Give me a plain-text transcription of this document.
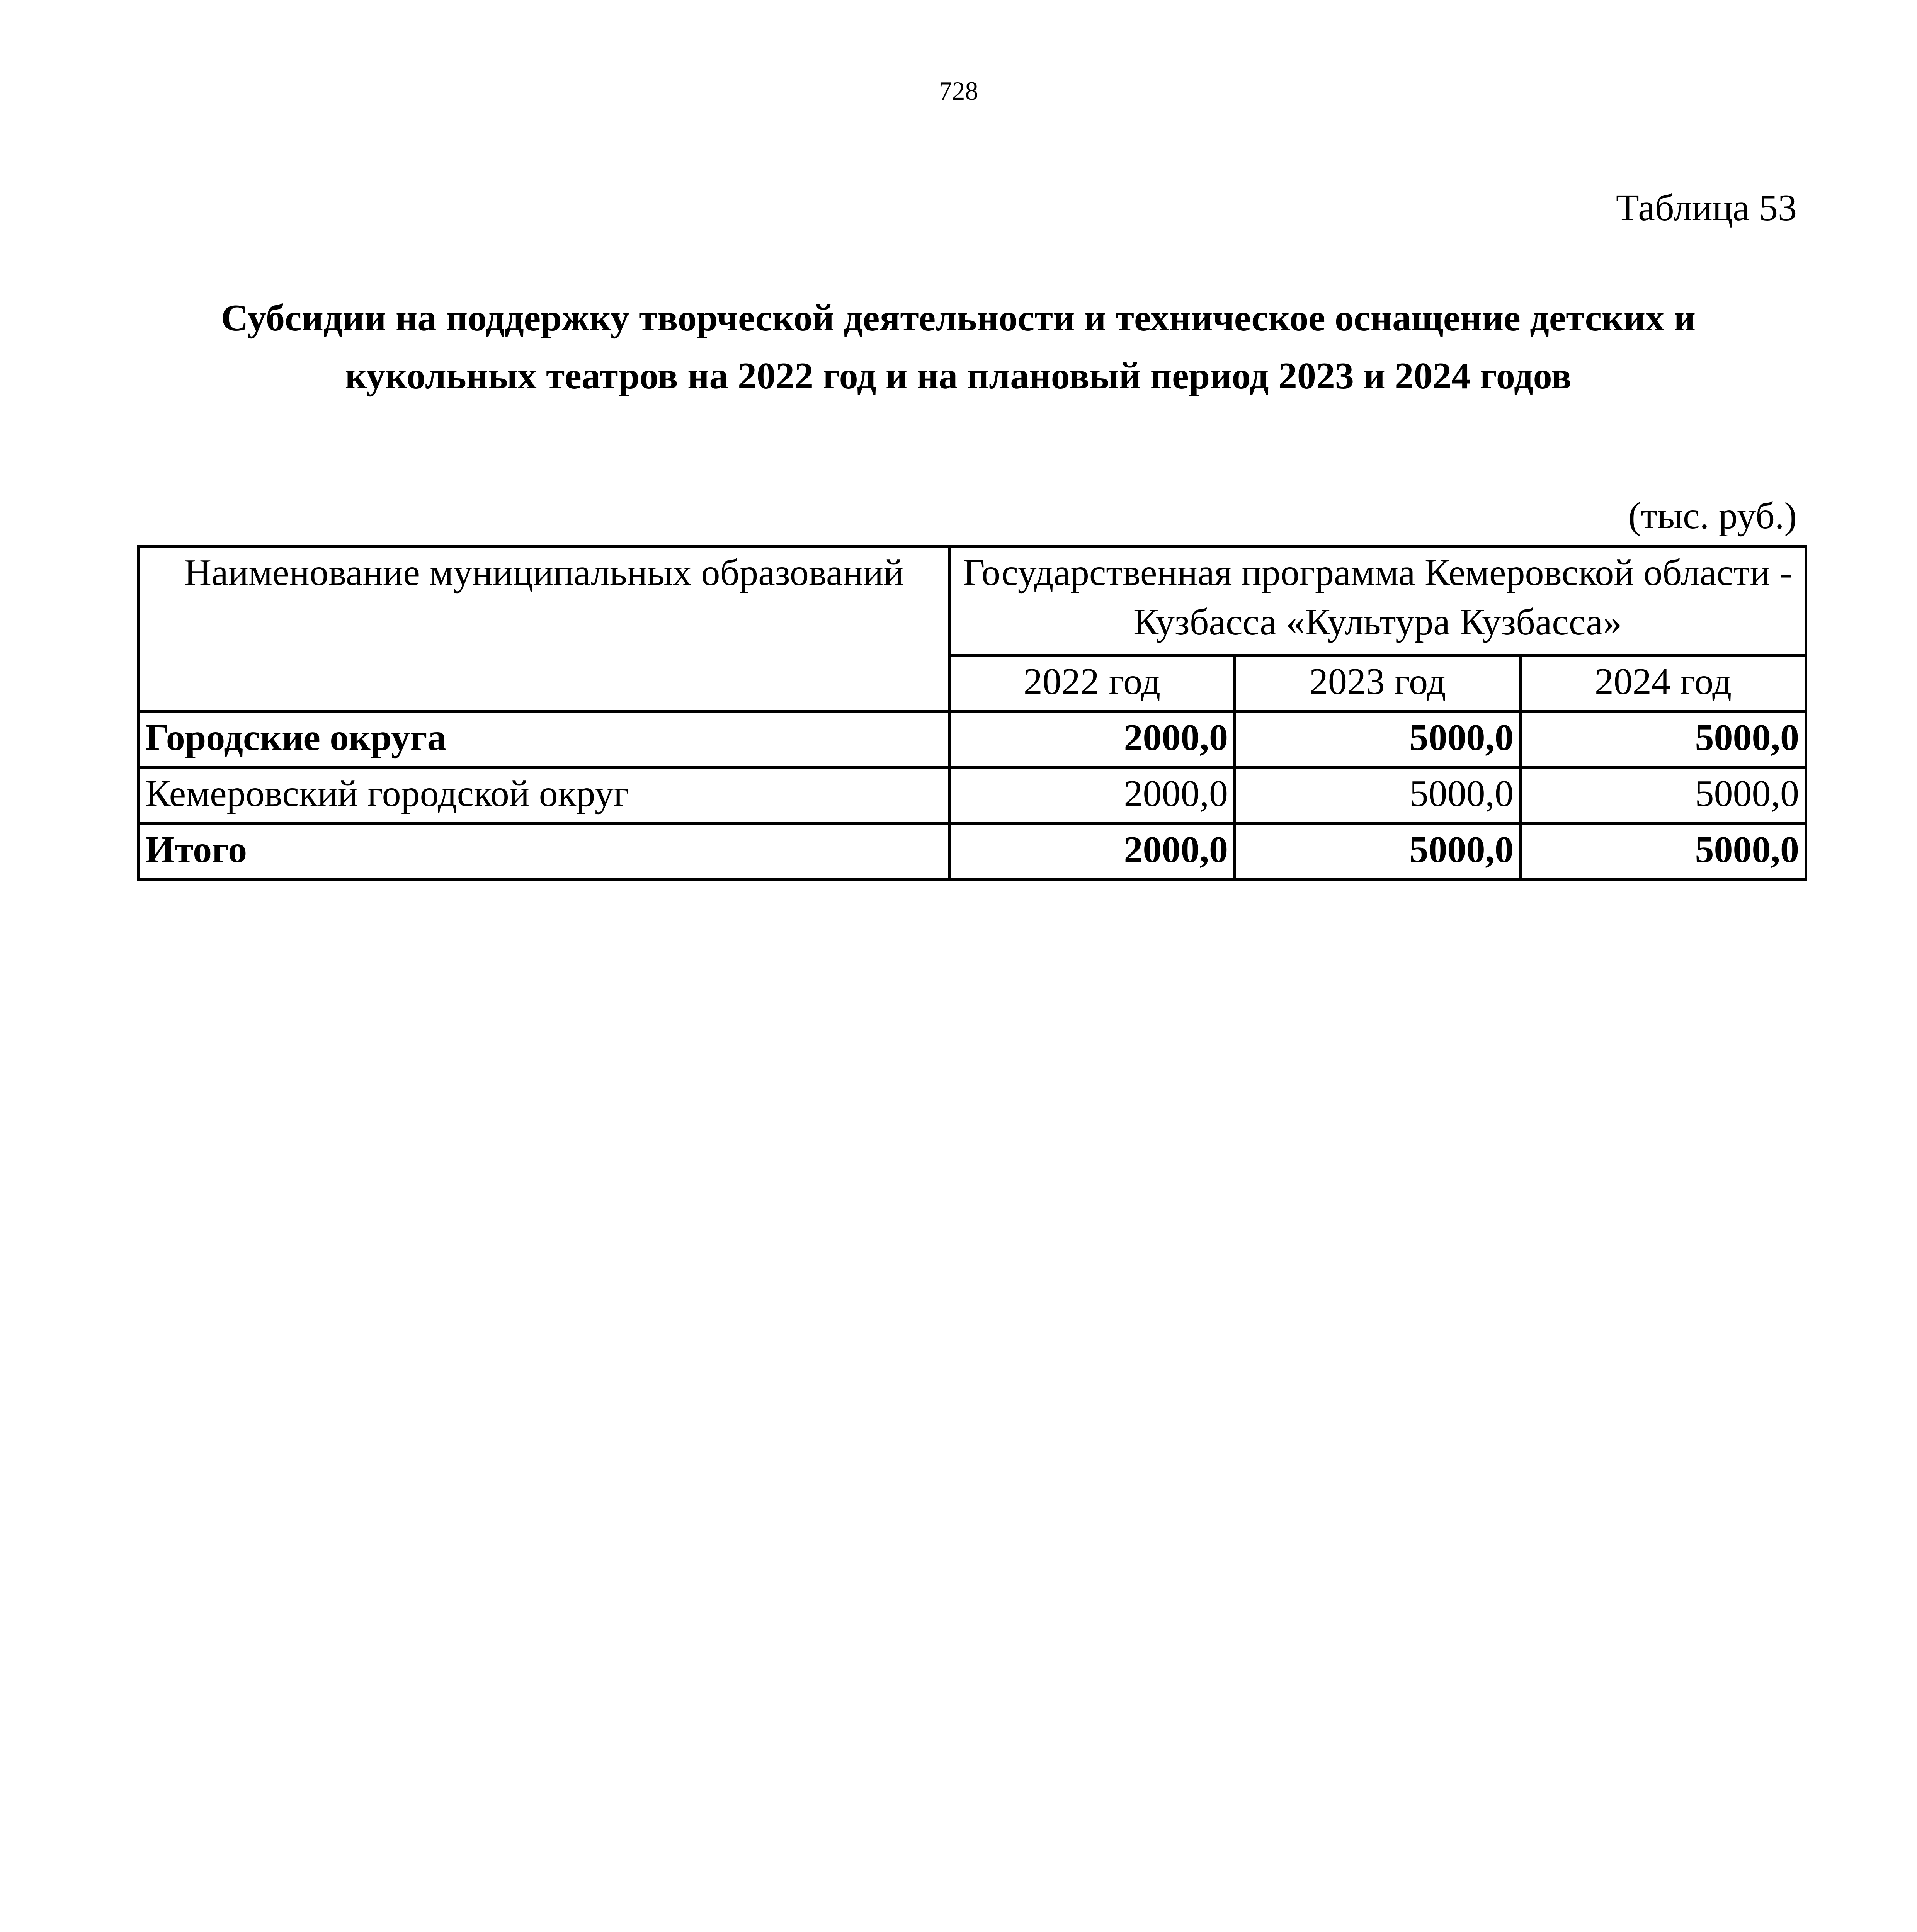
728
Таблица 53
Субсидии на поддержку творческой деятельности и техническое оснащение детских и кукольных театров на 2022 год и на плановый период 2023 и 2024 годов
(тыс. руб.)
Наименование муниципальных образований	Государственная программа Кемеровской области - Кузбасса «Культура Кузбасса»		
	2022 год	2023 год	2024 год
Городские округа	2000,0	5000,0	5000,0
Кемеровский городской округ	2000,0	5000,0	5000,0
Итого	2000,0	5000,0	5000,0
